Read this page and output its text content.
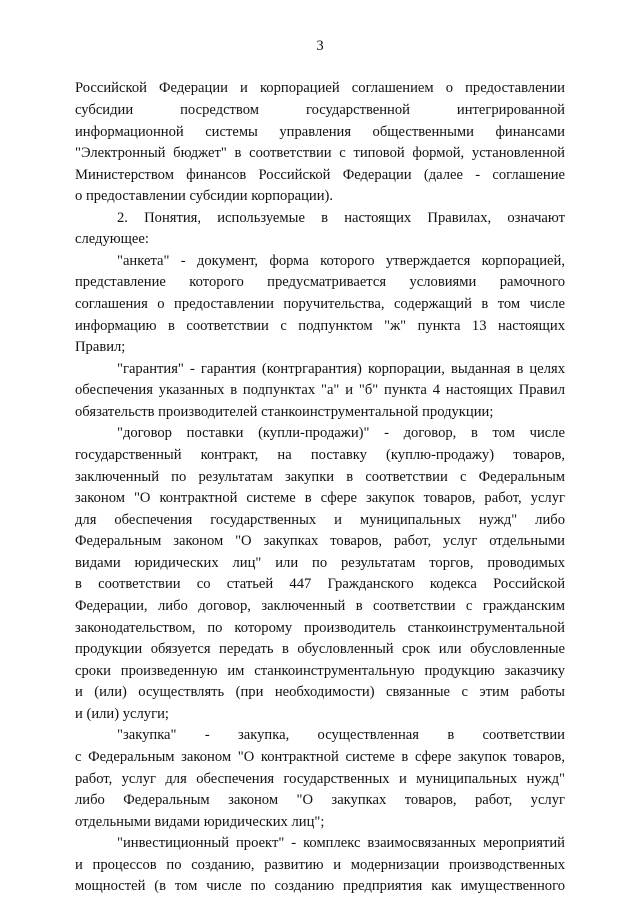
3
Российской Федерации и корпорацией соглашением о предоставлении
субсидии посредством государственной интегрированной
информационной системы управления общественными финансами
"Электронный бюджет" в соответствии с типовой формой, установленной
Министерством финансов Российской Федерации (далее - соглашение
о предоставлении субсидии корпорации).
2. Понятия, используемые в настоящих Правилах, означают
следующее:
"анкета" - документ, форма которого утверждается корпорацией,
представление которого предусматривается условиями рамочного
соглашения о предоставлении поручительства, содержащий в том числе
информацию в соответствии с подпунктом "ж" пункта 13 настоящих
Правил;
"гарантия" - гарантия (контргарантия) корпорации, выданная в целях
обеспечения указанных в подпунктах "а" и "б" пункта 4 настоящих Правил
обязательств производителей станкоинструментальной продукции;
"договор поставки (купли-продажи)" - договор, в том числе
государственный контракт, на поставку (куплю-продажу) товаров,
заключенный по результатам закупки в соответствии с Федеральным
законом "О контрактной системе в сфере закупок товаров, работ, услуг
для обеспечения государственных и муниципальных нужд" либо
Федеральным законом "О закупках товаров, работ, услуг отдельными
видами юридических лиц" или по результатам торгов, проводимых
в соответствии со статьей 447 Гражданского кодекса Российской
Федерации, либо договор, заключенный в соответствии с гражданским
законодательством, по которому производитель станкоинструментальной
продукции обязуется передать в обусловленный срок или обусловленные
сроки произведенную им станкоинструментальную продукцию заказчику
и (или) осуществлять (при необходимости) связанные с этим работы
и (или) услуги;
"закупка" - закупка, осуществленная в соответствии
с Федеральным законом "О контрактной системе в сфере закупок товаров,
работ, услуг для обеспечения государственных и муниципальных нужд"
либо Федеральным законом "О закупках товаров, работ, услуг
отдельными видами юридических лиц";
"инвестиционный проект" - комплекс взаимосвязанных мероприятий
и процессов по созданию, развитию и модернизации производственных
мощностей (в том числе по созданию предприятия как имущественного
